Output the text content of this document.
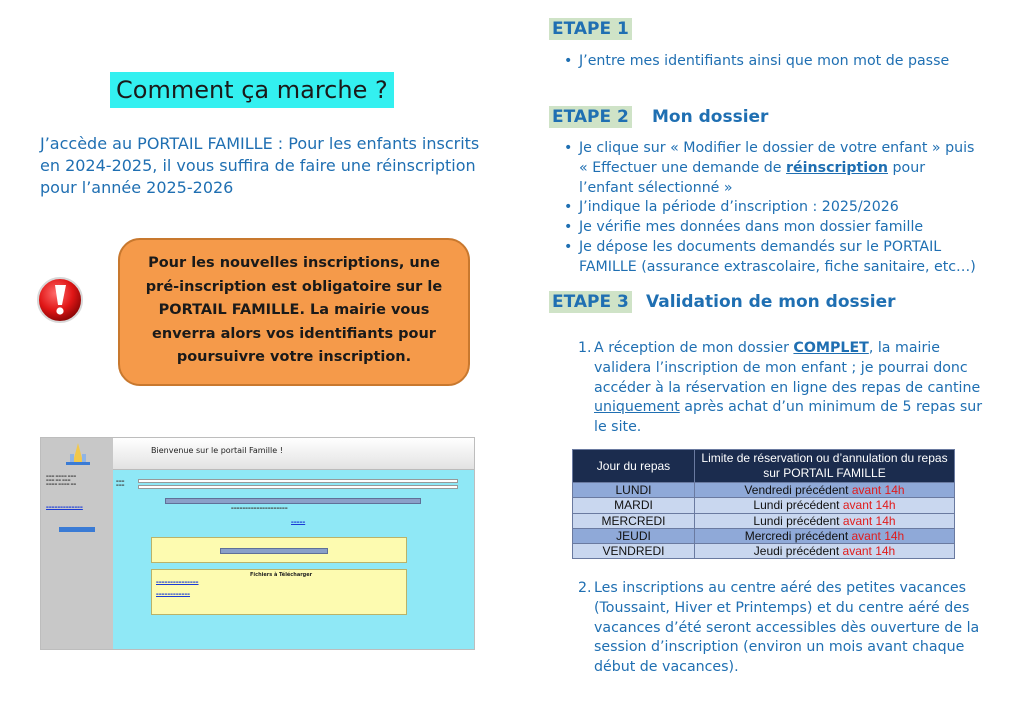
Comment ça marche ?
J’accède au PORTAIL FAMILLE : Pour les enfants inscrits en 2024-2025, il vous suffira de faire une réinscription pour l’année 2025-2026
Pour les nouvelles inscriptions, une pré-inscription est obligatoire sur le PORTAIL FAMILLE. La mairie vous enverra alors vos identifiants pour poursuivre votre inscription.
Bienvenue sur le portail Famille !
▬▬▬ ▬▬▬▬ ▬▬▬
▬▬▬ ▬▬ ▬▬▬
▬▬▬▬ ▬▬▬▬ ▬▬
▬▬▬▬▬▬▬▬▬▬▬▬▬
▬▬▬
▬▬▬
▬▬▬▬▬▬▬▬▬▬▬▬▬▬▬▬▬▬▬▬
▬▬▬▬▬
Fichiers à Télécharger
▬▬▬▬▬▬▬▬▬▬▬▬▬▬▬
▬▬▬▬▬▬▬▬▬▬▬▬
ETAPE 1
• J’entre mes identifiants ainsi que mon mot de passe
ETAPE 2 Mon dossier
• Je clique sur « Modifier le dossier de votre enfant » puis « Effectuer une demande de réinscription pour l’enfant sélectionné »
• J’indique la période d’inscription : 2025/2026
• Je vérifie mes données dans mon dossier famille
• Je dépose les documents demandés sur le PORTAIL FAMILLE (assurance extrascolaire, fiche sanitaire, etc…)
ETAPE 3 Validation de mon dossier
1. A réception de mon dossier COMPLET, la mairie validera l’inscription de mon enfant ; je pourrai donc accéder à la réservation en ligne des repas de cantine uniquement après achat d’un minimum de 5 repas sur le site.
Jour du repas	Limite de réservation ou d’annulation du repas sur PORTAIL FAMILLE
LUNDI	Vendredi précédent avant 14h
MARDI	Lundi précédent avant 14h
MERCREDI	Lundi précédent avant 14h
JEUDI	Mercredi précédent avant 14h
VENDREDI	Jeudi précédent avant 14h
2. Les inscriptions au centre aéré des petites vacances (Toussaint, Hiver et Printemps) et du centre aéré des vacances d’été seront accessibles dès ouverture de la session d’inscription (environ un mois avant chaque début de vacances).
